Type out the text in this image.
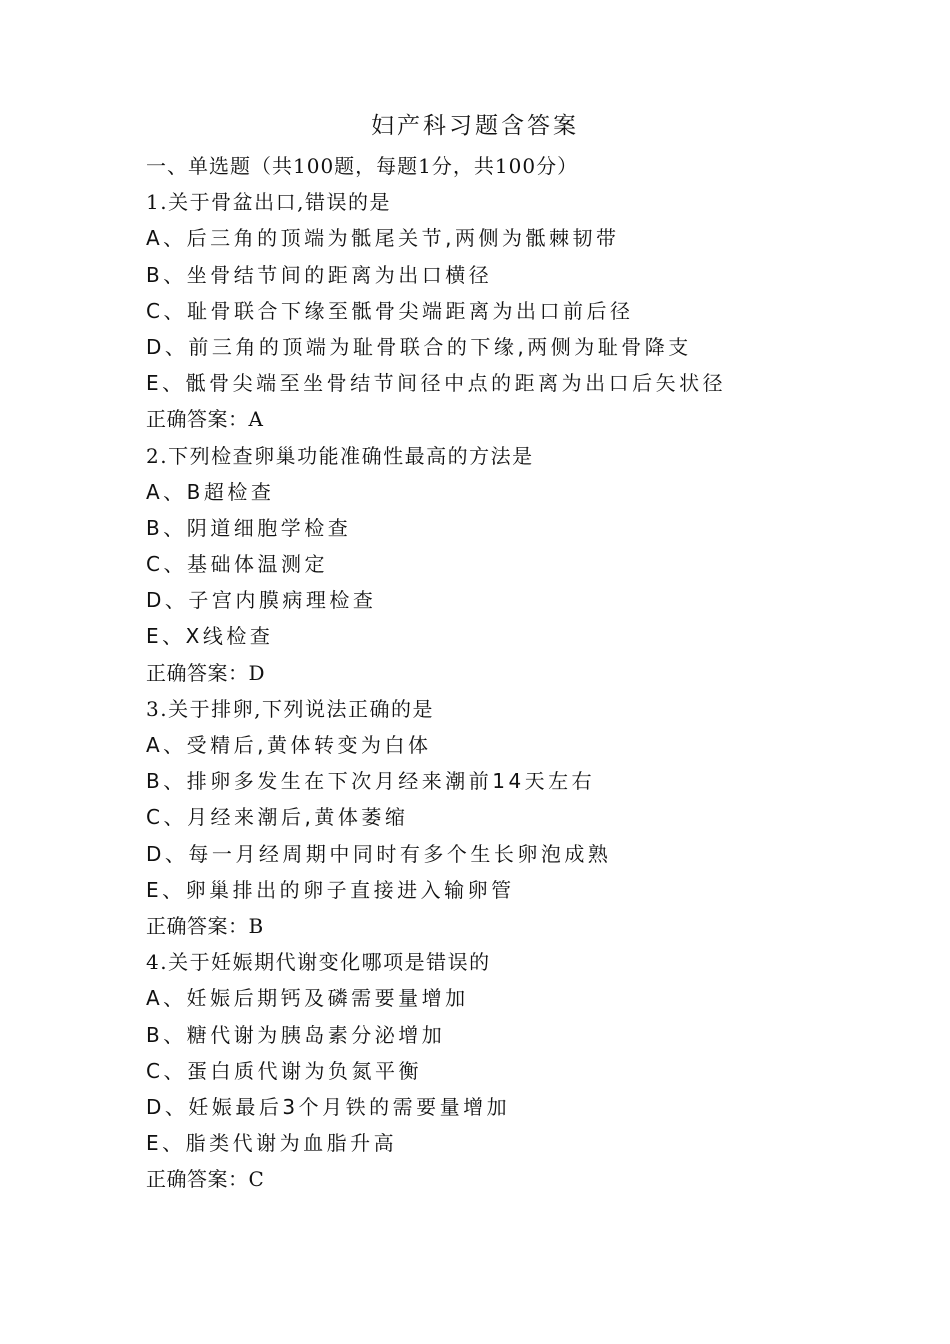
妇产科习题含答案
一、单选题（共100题，每题1分，共100分）
1.关于骨盆出口,错误的是
A、后三角的顶端为骶尾关节,两侧为骶棘韧带
B、坐骨结节间的距离为出口横径
C、耻骨联合下缘至骶骨尖端距离为出口前后径
D、前三角的顶端为耻骨联合的下缘,两侧为耻骨降支
E、骶骨尖端至坐骨结节间径中点的距离为出口后矢状径
正确答案：A
2.下列检查卵巢功能准确性最高的方法是
A、B超检查
B、阴道细胞学检查
C、基础体温测定
D、子宫内膜病理检查
E、X线检查
正确答案：D
3.关于排卵,下列说法正确的是
A、受精后,黄体转变为白体
B、排卵多发生在下次月经来潮前14天左右
C、月经来潮后,黄体萎缩
D、每一月经周期中同时有多个生长卵泡成熟
E、卵巢排出的卵子直接进入输卵管
正确答案：B
4.关于妊娠期代谢变化哪项是错误的
A、妊娠后期钙及磷需要量增加
B、糖代谢为胰岛素分泌增加
C、蛋白质代谢为负氮平衡
D、妊娠最后3个月铁的需要量增加
E、脂类代谢为血脂升高
正确答案：C
